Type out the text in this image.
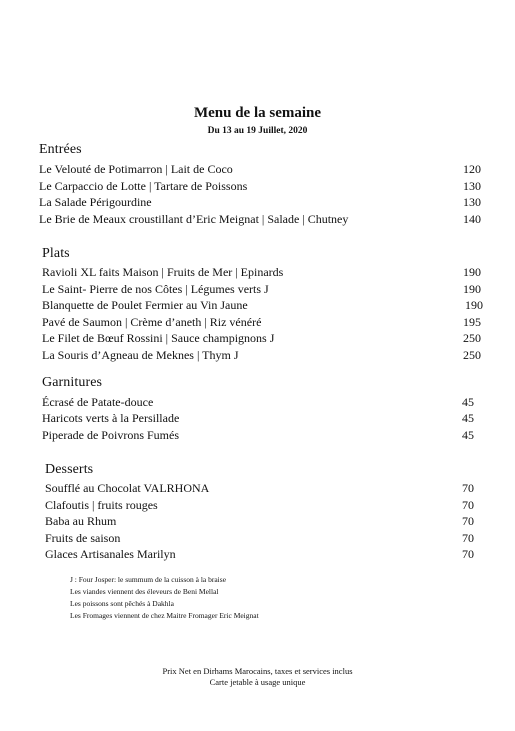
Menu de la semaine
Du 13 au 19 Juillet, 2020
Entrées
Le Velouté de Potimarron | Lait de Coco	120
Le Carpaccio de Lotte | Tartare de Poissons	130
La Salade Périgourdine	130
Le Brie de Meaux croustillant d’Eric Meignat | Salade | Chutney	140
Plats
Ravioli XL faits Maison | Fruits de Mer | Epinards	190
Le Saint- Pierre de nos Côtes | Légumes verts J	190
Blanquette de Poulet Fermier au Vin Jaune	190
Pavé de Saumon | Crème d’aneth | Riz vénéré	195
Le Filet de Bœuf Rossini | Sauce champignons J	250
La Souris d’Agneau de Meknes | Thym J	250
Garnitures
Écrasé de Patate-douce	45
Haricots verts à la Persillade	45
Piperade de Poivrons Fumés	45
Desserts
Soufflé au Chocolat VALRHONA	70
Clafoutis | fruits rouges	70
Baba au Rhum	70
Fruits de saison	70
Glaces Artisanales Marilyn	70
J : Four Josper: le summum de la cuisson à la braise
Les viandes viennent des éleveurs de Beni Mellal
Les poissons sont pêchés à Dakhla
Les Fromages viennent de chez Maitre Fromager Eric Meignat
Prix Net en Dirhams Marocains, taxes et services inclus
Carte jetable à usage unique
